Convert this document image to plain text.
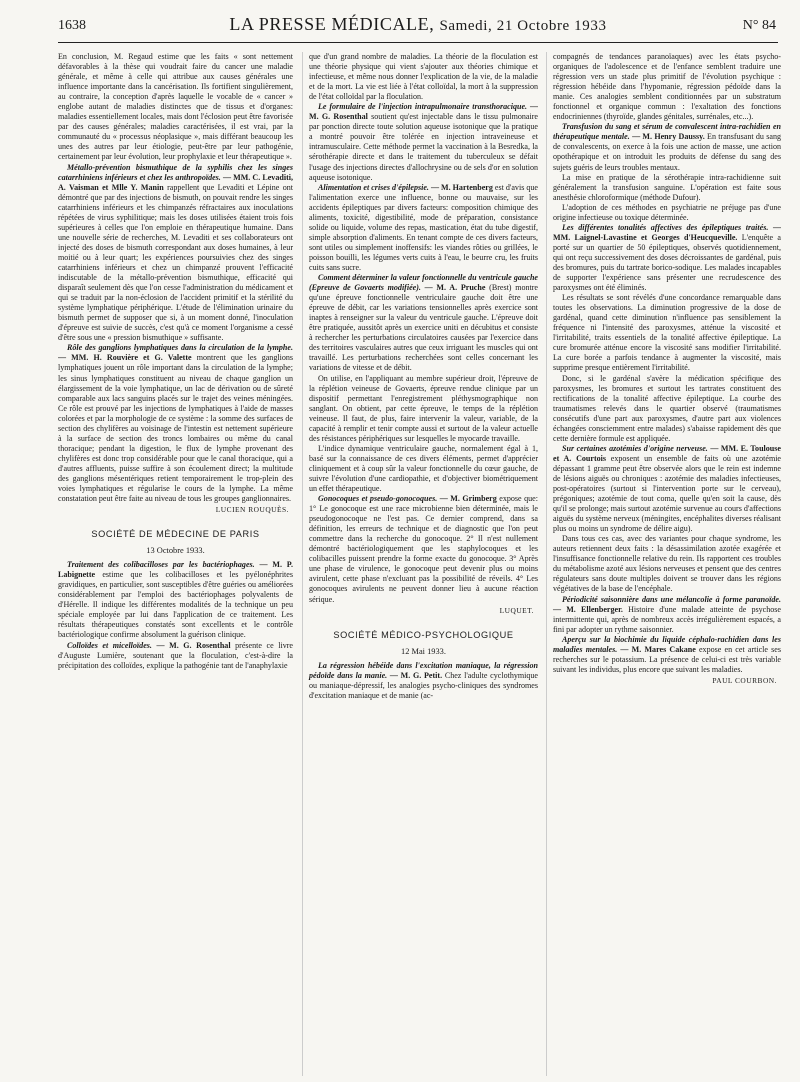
1638	LA PRESSE MÉDICALE, Samedi, 21 Octobre 1933	N° 84

En conclusion, M. Regaud estime que les faits « sont nettement défavorables à la thèse qui voudrait faire du cancer une maladie générale, et même à celle qui attribue aux causes générales une influence importante dans la cancérisation. Ils fortifient singulièrement, au contraire, la conception d'après laquelle le vocable de « cancer » englobe autant de maladies distinctes que de tissus et d'organes: maladies essentiellement locales, mais dont l'éclosion peut être favorisée par des causes générales; maladies caractérisées, il est vrai, par la communauté du « processus néoplasique », mais différant beaucoup les unes des autres par leur étiologie, peut-être par leur pathogénie, certainement par leur évolution, leur prophylaxie et leur thérapeutique ».

Métallo-prévention bismuthique de la syphilis chez les singes catarrhiniens inférieurs et chez les anthropoïdes. — MM. C. Levaditi, A. Vaisman et Mlle Y. Manin rappellent que Levaditi et Lépine ont démontré que par des injections de bismuth, on pouvait rendre les singes catarrhiniens inférieurs et les chimpanzés réfractaires aux inoculations répétées de virus syphilitique; mais les doses utilisées étaient trois fois supérieures à celles que l'on emploie en thérapeutique humaine. Dans une nouvelle série de recherches, M. Levaditi et ses collaborateurs ont injecté des doses de bismuth correspondant aux doses humaines, à leur moitié ou à leur quart; les expériences poursuivies chez des singes catarrhiniens inférieurs et chez un chimpanzé prouvent l'efficacité indiscutable de la métallo-prévention bismuthique, efficacité qui disparaît seulement dès que l'on cesse l'administration du médicament et qui se traduit par la non-éclosion de l'accident primitif et la stérilité du système lymphatique périphérique. L'étude de l'élimination urinaire du bismuth permet de supposer que si, à un moment donné, l'inoculation d'épreuve est suivie de succès, c'est qu'à ce moment l'organisme a cessé d'être sous une « pression bismuthique » suffisante.

Rôle des ganglions lymphatiques dans la circulation de la lymphe. — MM. H. Rouvière et G. Valette montrent que les ganglions lymphatiques jouent un rôle important dans la circulation de la lymphe; les sinus lymphatiques constituent au niveau de chaque ganglion un élargissement de la voie lymphatique, un lac de dérivation ou de sûreté comparable aux lacs sanguins placés sur le trajet des veines méningées. Ce rôle est prouvé par les injections de lymphatiques à l'aide de masses colorées et par la morphologie de ce système : la somme des surfaces de section des chylifères au voisinage de l'intestin est nettement supérieure à la surface de section des troncs lombaires ou même du canal thoracique; pendant la digestion, le flux de lymphe provenant des chylifères est donc trop considérable pour que le canal thoracique, qui a d'autres affluents, puisse suffire à son écoulement direct; la multitude des ganglions mésentériques retient temporairement le trop-plein des voies lymphatiques et régularise le cours de la lymphe. La même constatation peut être faite au niveau de tous les groupes ganglionnaires.

LUCIEN ROUQUÈS.

SOCIÉTÉ DE MÉDECINE DE PARIS
13 Octobre 1933.

Traitement des colibacilloses par les bactériophages. — M. P. Labignette estime que les colibacilloses et les pyélonéphrites gravidiques, en particulier, sont susceptibles d'être guéries ou améliorées considérablement par l'emploi des bactériophages polyvalents de d'Hérelle. Il indique les différentes modalités de la technique un peu spéciale employée par lui dans l'application de ce traitement. Les résultats thérapeutiques constatés sont excellents et le contrôle bactériologique confirme absolument la guérison clinique.

Colloïdes et micelloïdes. — M. G. Rosenthal présente ce livre d'Auguste Lumière, soutenant que la floculation, c'est-à-dire la précipitation des colloïdes, explique la pathogénie tant de l'anaphylaxie

que d'un grand nombre de maladies. La théorie de la floculation est une théorie physique qui vient s'ajouter aux théories chimique et infectieuse, et même nous donner l'explication de la vie, de la maladie et de la mort. La vie est liée à l'état colloïdal, la mort à la suppression de l'état colloïdal par la floculation.

Le formulaire de l'injection intrapulmonaire transthoracique. — M. G. Rosenthal soutient qu'est injectable dans le tissu pulmonaire par ponction directe toute solution aqueuse isotonique que la pratique a montré pouvoir être tolérée en injection intraveineuse et intramusculaire. Cette méthode permet la vaccination à la Besredka, la sérothérapie directe et dans le traitement du tuberculeux se défait l'usage des injections directes d'allochrysine ou de sels d'or en solution aqueuse isotonique.

Alimentation et crises d'épilepsie. — M. Hartenberg est d'avis que l'alimentation exerce une influence, bonne ou mauvaise, sur les accidents épileptiques par divers facteurs: composition chimique des aliments, toxicité, digestibilité, mode de préparation, consistance solide ou liquide, volume des repas, mastication, état du tube digestif, simple absorption d'aliments. En tenant compte de ces divers facteurs, sont utiles ou simplement inoffensifs: les viandes rôties ou grillées, le poisson bouilli, les légumes verts cuits à l'eau, le beurre cru, les fruits cuits sans sucre.

Comment déterminer la valeur fonctionnelle du ventricule gauche (Epreuve de Govaerts modifiée). — M. A. Pruche (Brest) montre qu'une épreuve fonctionnelle ventriculaire gauche doit être une épreuve de débit, car les variations tensionnelles après exercice sont inaptes à renseigner sur la valeur du ventricule gauche. L'épreuve doit être pratiquée, aussitôt après un exercice uniti en décubitus et consiste à rechercher les perturbations circulatoires causées par l'exercice dans des territoires vasculaires autres que ceux irriguant les muscles qui ont travaillé. Les perturbations recherchées sont celles concernant les variations de vitesse et de débit.

On utilise, en l'appliquant au membre supérieur droit, l'épreuve de la réplétion veineuse de Govaerts, épreuve rendue clinique par un dispositif permettant l'enregistrement pléthysmographique non sanglant. On obtient, par cette épreuve, le temps de la réplétion veineuse. Il faut, de plus, faire intervenir la valeur, variable, de la capacité à remplir et tenir compte aussi et surtout de la valeur actuelle des résistances périphériques sur lesquelles le myocarde travaille.

L'indice dynamique ventriculaire gauche, normalement égal à 1, basé sur la connaissance de ces divers éléments, permet d'apprécier cliniquement et à coup sûr la valeur fonctionnelle du cœur gauche, de suivre l'évolution d'une cardiopathie, et d'objectiver biométriquement un effet thérapeutique.

Gonocoques et pseudo-gonocoques. — M. Grimberg expose que: 1° Le gonocoque est une race microbienne bien déterminée, mais le pseudogonocoque ne l'est pas. Ce dernier comprend, dans sa définition, les erreurs de technique et de diagnostic que l'on peut commettre dans la recherche du gonocoque. 2° Il n'est nullement démontré bactériologiquement que les staphylocoques et les colibacilles puissent prendre la forme exacte du gonocoque. 3° Après une phase de virulence, le gonocoque peut devenir plus ou moins avirulent, cette phase n'excluant pas la possibilité de réveils. 4° Les gonocoques avirulents ne peuvent donner lieu à aucune réaction sérique.

LUQUET.

SOCIÉTÉ MÉDICO-PSYCHOLOGIQUE
12 Mai 1933.

La régression hébéide dans l'excitation maniaque, la régression pédoïde dans la manie. — M. G. Petit. Chez l'adulte cyclothymique ou maniaque-dépressif, les analogies psycho-cliniques des syndromes d'excitation maniaque et de manie (ac-

compagnés de tendances paranoïaques) avec les états psycho-organiques de l'adolescence et de l'enfance semblent traduire une régression vers un stade plus primitif de l'évolution psychique : régression hébéide dans l'hypomanie, régression pédoïde dans la manie. Ces analogies semblent conditionnées par un substratum fonctionnel et organique commun : l'exaltation des fonctions endocriniennes (thyroïde, glandes génitales, surrénales, etc...).

Transfusion du sang et sérum de convalescent intra-rachidien en thérapeutique mentale. — M. Henry Daussy. En transfusant du sang de convalescents, on exerce à la fois une action de masse, une action opothérapique et on introduit les produits de défense du sang des sujets guéris de leurs troubles mentaux.

La mise en pratique de la sérothérapie intra-rachidienne suit généralement la transfusion sanguine. L'opération est faite sous anesthésie chloroformique (méthode Dufour).

L'adoption de ces méthodes en psychiatrie ne préjuge pas d'une origine infectieuse ou toxique déterminée.

Les différentes tonalités affectives des épileptiques traités. — MM. Laignel-Lavastine et Georges d'Heucqueville. L'enquête a porté sur un quartier de 50 épileptiques, observés quotidiennement, qui ont reçu successivement des doses décroissantes de gardénal, puis des bromures, puis du tartrate borico-sodique. Les malades incapables de supporter l'expérience sans présenter une recrudescence des paroxysmes ont été éliminés.

Les résultats se sont révélés d'une concordance remarquable dans toutes les observations. La diminution progressive de la dose de gardénal, quand cette diminution n'influence pas sensiblement la fréquence ni l'intensité des paroxysmes, atténue la viscosité et l'irritabilité, traits essentiels de la tonalité affective épileptique. La cure bromurée atténue encore la viscosité sans modifier l'irritabilité. La cure borée a parfois tendance à augmenter la viscosité, mais supprime presque entièrement l'irritabilité.

Donc, si le gardénal s'avère la médication spécifique des paroxysmes, les bromures et surtout les tartrates constituent des rectifications de la tonalité affective épileptique. La courbe des traumatismes relevés dans le quartier observé (traumatismes consécutifs d'une part aux paroxysmes, d'autre part aux violences échangées consciemment entre malades) s'abaisse rapidement dès que cette dernière formule est appliquée.

Sur certaines azotémies d'origine nerveuse. — MM. E. Toulouse et A. Courtois exposent un ensemble de faits où une azotémie dépassant 1 gramme peut être observée alors que le rein est indemne de lésions aiguës ou chroniques : azotémie des maladies infectieuses, post-opératoires (surtout si l'intervention porte sur le cerveau), prégoniques; azotémie de tout coma, quelle qu'en soit la cause, dès qu'il se prolonge; mais surtout azotémie survenue au cours d'affections aiguës du système nerveux (méningites, encéphalites diverses réalisant plus ou moins un syndrome de délire aigu).

Dans tous ces cas, avec des variantes pour chaque syndrome, les auteurs retiennent deux faits : la désassimilation azotée exagérée et l'insuffisance fonctionnelle relative du rein. Ils rapportent ces troubles du métabolisme azoté aux lésions nerveuses et pensent que des centres régulateurs sans doute multiples doivent se trouver dans les régions végétatives de la base de l'encéphale.

Périodicité saisonnière dans une mélancolie à forme paranoïde. — M. Ellenberger. Histoire d'une malade atteinte de psychose intermittente qui, après de nombreux accès irrégulièrement espacés, a fini par adopter un rythme saisonnier.

Aperçu sur la biochimie du liquide céphalo-rachidien dans les maladies mentales. — M. Mares Cakane expose en cet article ses recherches sur le potassium. La présence de celui-ci est très variable suivant les individus, plus encore que suivant les maladies.

PAUL COURBON.
